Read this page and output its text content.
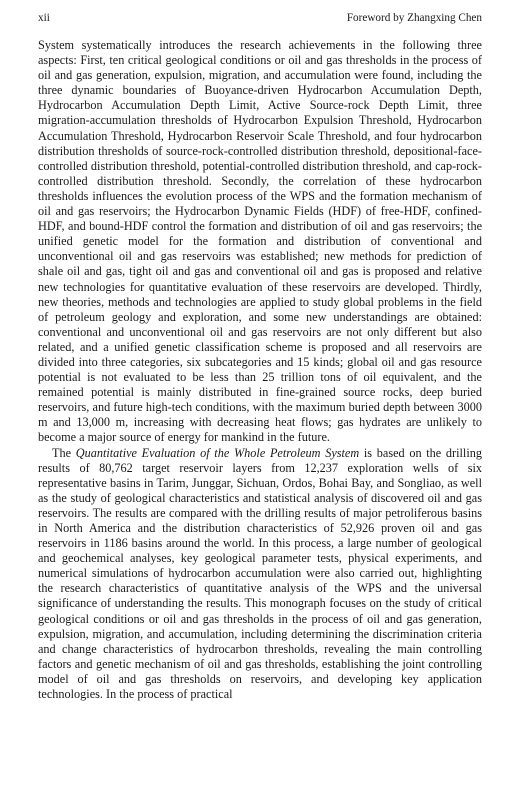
xii	Foreword by Zhangxing Chen

System systematically introduces the research achievements in the following three aspects: First, ten critical geological conditions or oil and gas thresholds in the process of oil and gas generation, expulsion, migration, and accumulation were found, including the three dynamic boundaries of Buoyance-driven Hydrocarbon Accumulation Depth, Hydrocarbon Accumulation Depth Limit, Active Source-rock Depth Limit, three migration-accumulation thresholds of Hydrocarbon Expulsion Threshold, Hydrocarbon Accumulation Threshold, Hydrocarbon Reservoir Scale Threshold, and four hydrocarbon distribution thresholds of source-rock-controlled distribution threshold, depositional-face-controlled distribution threshold, potential-controlled distribution threshold, and cap-rock-controlled distribution threshold. Secondly, the correlation of these hydrocarbon thresholds influences the evolution process of the WPS and the formation mechanism of oil and gas reservoirs; the Hydrocarbon Dynamic Fields (HDF) of free-HDF, confined-HDF, and bound-HDF control the formation and distribution of oil and gas reservoirs; the unified genetic model for the formation and distribution of conventional and unconventional oil and gas reservoirs was established; new methods for prediction of shale oil and gas, tight oil and gas and conventional oil and gas is proposed and relative new technologies for quantitative evaluation of these reservoirs are developed. Thirdly, new theories, methods and technologies are applied to study global problems in the field of petroleum geology and exploration, and some new understandings are obtained: conventional and unconventional oil and gas reservoirs are not only different but also related, and a unified genetic classification scheme is proposed and all reservoirs are divided into three categories, six subcategories and 15 kinds; global oil and gas resource potential is not evaluated to be less than 25 trillion tons of oil equivalent, and the remained potential is mainly distributed in fine-grained source rocks, deep buried reservoirs, and future high-tech conditions, with the maximum buried depth between 3000 m and 13,000 m, increasing with decreasing heat flows; gas hydrates are unlikely to become a major source of energy for mankind in the future.

The Quantitative Evaluation of the Whole Petroleum System is based on the drilling results of 80,762 target reservoir layers from 12,237 exploration wells of six representative basins in Tarim, Junggar, Sichuan, Ordos, Bohai Bay, and Songliao, as well as the study of geological characteristics and statistical analysis of discovered oil and gas reservoirs. The results are compared with the drilling results of major petroliferous basins in North America and the distribution characteristics of 52,926 proven oil and gas reservoirs in 1186 basins around the world. In this process, a large number of geological and geochemical analyses, key geological parameter tests, physical experiments, and numerical simulations of hydrocarbon accumulation were also carried out, highlighting the research characteristics of quantitative analysis of the WPS and the universal significance of understanding the results. This monograph focuses on the study of critical geological conditions or oil and gas thresholds in the process of oil and gas generation, expulsion, migration, and accumulation, including determining the discrimination criteria and change characteristics of hydrocarbon thresholds, revealing the main controlling factors and genetic mechanism of oil and gas thresholds, establishing the joint controlling model of oil and gas thresholds on reservoirs, and developing key application technologies. In the process of practical
